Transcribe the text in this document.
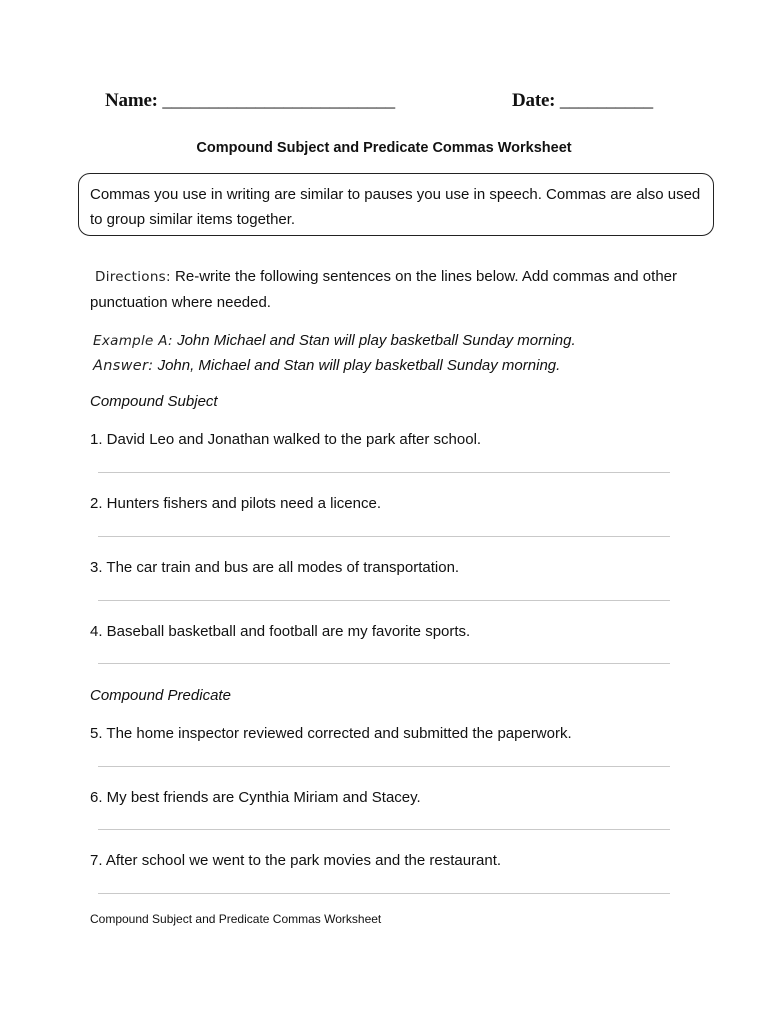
Name: _________________________	Date: __________
Compound Subject and Predicate Commas Worksheet
Commas you use in writing are similar to pauses you use in speech. Commas are also used to group similar items together.
Directions: Re-write the following sentences on the lines below. Add commas and other punctuation where needed.
Example A: John Michael and Stan will play basketball Sunday morning.
Answer: John, Michael and Stan will play basketball Sunday morning.
Compound Subject
1. David Leo and Jonathan walked to the park after school.
2. Hunters fishers and pilots need a licence.
3. The car train and bus are all modes of transportation.
4. Baseball basketball and football are my favorite sports.
Compound Predicate
5. The home inspector reviewed corrected and submitted the paperwork.
6. My best friends are Cynthia Miriam and Stacey.
7. After school we went to the park movies and the restaurant.
Compound Subject and Predicate Commas Worksheet
